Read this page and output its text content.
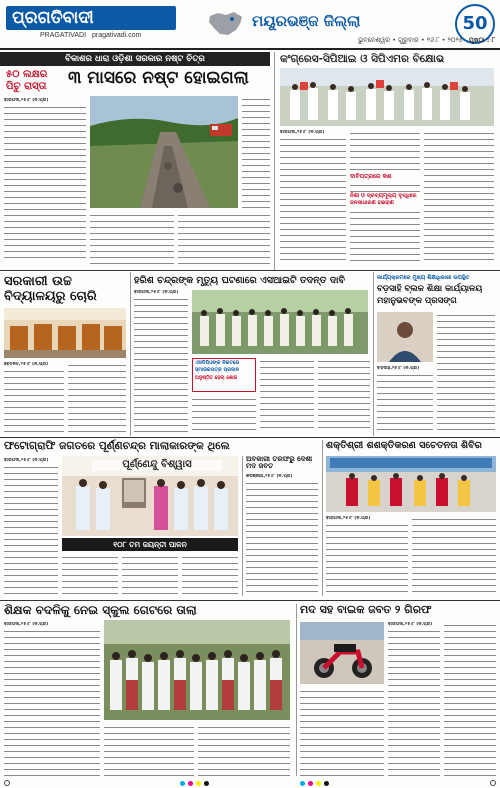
ପ୍ରଗତିବାଦୀ
PRAGATIVADI pragativadi.com
ମୟୂରଭଞ୍ଜ ଜିଲ୍ଲା	50
ଭୁବନେଶ୍ୱର • ଗୁରୁବାର • ୨୬.୮ • ୨୦୨୫ ପୃଷ୍ଠା : ୮
ବିକାଶର ଧାରା ଓଡ଼ିଶା ସରକାର ନଷ୍ଟ ଚିତ୍ର
୫୦ ଲକ୍ଷର
ପିଚୁ ରାସ୍ତା	୩ ମାସରେ ନଷ୍ଟ ହୋଇଗଲା
ବାରିପଦା,୨୫।୮ (ନି.ପ୍ର)
କଂଗ୍ରେସ-ସିପିଆଇ ଓ ସିପିଏମର ବିକ୍ଷୋଭ
ବାରିପଦା,୨୫।୮ (ନି.ପ୍ର)
ଦାବିପତ୍ରରେ କଣ
ନିଶା ଓ ଦ୍ରବ୍ୟମୂଲ୍ୟ ବୃଦ୍ଧିରେ
ଜନସାଧାରଣ ହଇରାଣ
ସରକାରୀ ଉଚ୍ଚ
ବିଦ୍ୟାଳୟରୁ ଚୋରି
ବେତନଟି,୨୫।୮ (ନି.ପ୍ର)
ହରିଶ ଚନ୍ଦ୍ରଙ୍କ ମୃତ୍ୟୁ ଘଟଣାରେ ଏସଆଇଟି ତଦନ୍ତ ଦାବି
ବାରିପଦା,୨୫।୮ (ନି.ପ୍ର)
ଏସଡିପିଓଙ୍କ ନିକଟରେ
ସ୍ମାରକପତ୍ର ପ୍ରଦାନ
ଅନୁଷ୍ଠିତ ହେଲା ଶୋକ
କାର୍ଯ୍ୟକ୍ରମରେ ମୁଖ୍ୟ ଶିକ୍ଷାଧିକାରୀ ଉପସ୍ଥିତ
ବଡ଼ସାହି ବ୍ଲକ ଶିକ୍ଷା କାର୍ଯ୍ୟାଳୟ
ମହାନୁଭବଙ୍କ ପ୍ରସଙ୍ଗ
ବଡ଼ସାହି,୨୫।୮ (ନି.ପ୍ର)
ଫଟୋଗ୍ରାଫି ଜଗତରେ ପୂର୍ଣ୍ଣଚନ୍ଦ୍ର ମାଲାକାରଙ୍କ ଥିଲେ
ବାରିପଦା,୨୫।୮ (ନି.ପ୍ର)	ପୂର୍ଣ୍ଣେନ୍ଦୁ ବିଶ୍ୱାସ
୧୦୮ ତମ ଜୟନ୍ତୀ ପାଳନ
ଅବକାରୀ ତରଫରୁ ଦେଶୀ ମଦ ଜବତ
କରଞ୍ଜିଆ,୨୫।୮ (ନି.ପ୍ର)
ଶକ୍ତିଶ୍ରୀ ଶଶକ୍ତିକରଣ ସଚେତନତା ଶିବିର
ବାରିପଦା,୨୫।୮ (ନି.ପ୍ର)
ଶିକ୍ଷକ ବଦଳିକୁ ନେଇ ସ୍କୁଲ ଗେଟରେ ତାଲା
ବାରିପଦା,୨୫।୮ (ନି.ପ୍ର)
ମଦ ସହ ବାଇକ ଜବତ ୨ ଗିରଫ
ବାରିପଦା,୨୫।୮ (ନି.ପ୍ର)
